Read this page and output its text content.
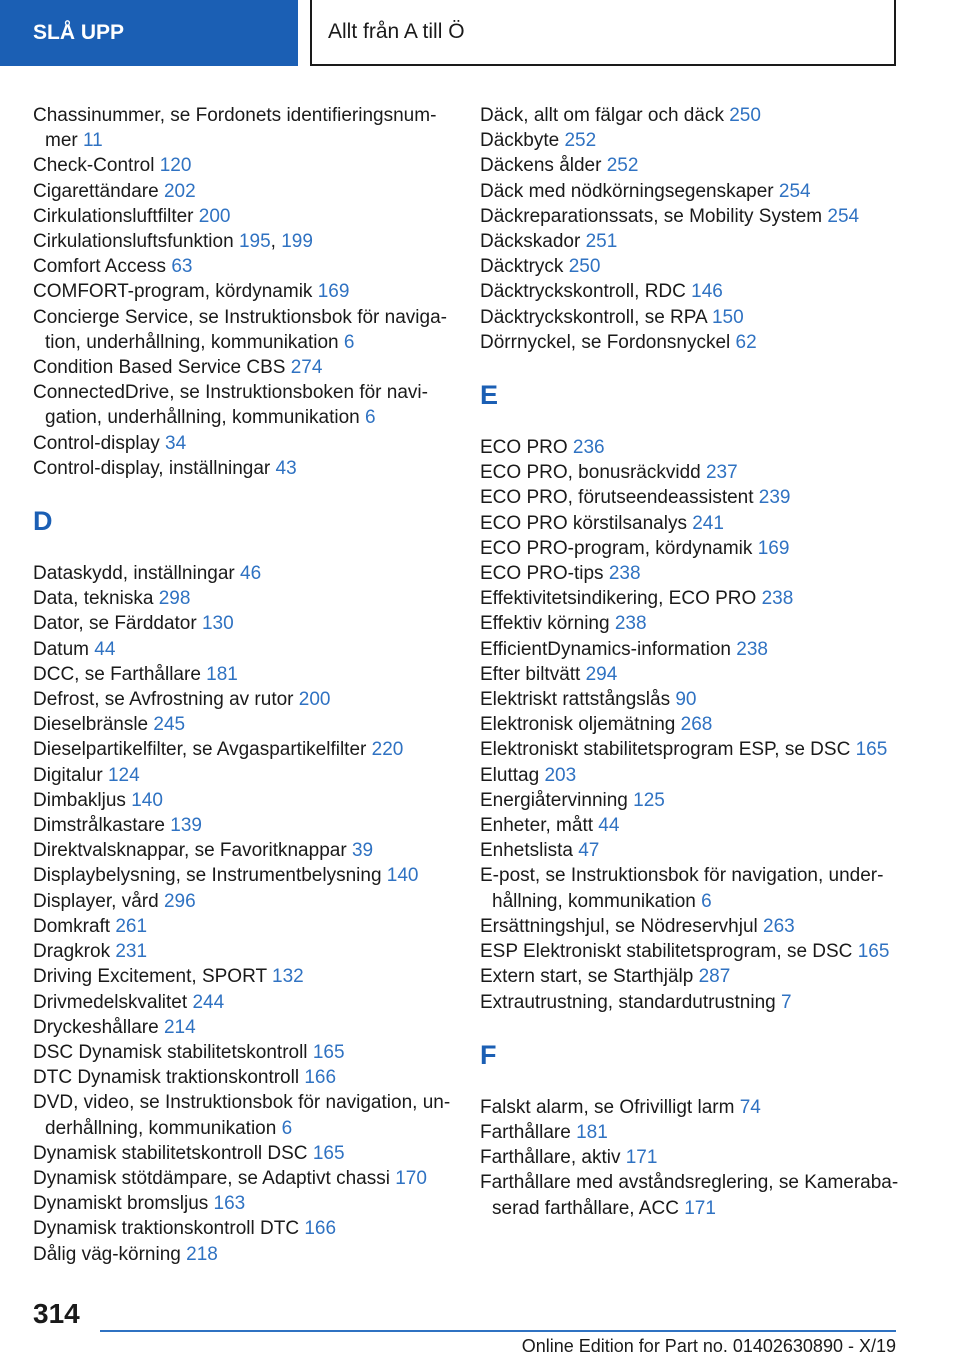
SLÅ UPP	Allt från A till Ö

Chassinummer, se Fordonets identifieringsnum‐mer 11

Check-Control 120

Cigarettändare 202

Cirkulationsluftfilter 200

Cirkulationsluftsfunktion 195, 199

Comfort Access 63

COMFORT-program, kördynamik 169

Concierge Service, se Instruktionsbok för naviga‐tion, underhållning, kommunikation 6

Condition Based Service CBS 274

ConnectedDrive, se Instruktionsboken för navi‐gation, underhållning, kommunikation 6

Control-display 34

Control-display, inställningar 43

D

Dataskydd, inställningar 46

Data, tekniska 298

Dator, se Färddator 130

Datum 44

DCC, se Farthållare 181

Defrost, se Avfrostning av rutor 200

Dieselbränsle 245

Dieselpartikelfilter, se Avgaspartikelfilter 220

Digitalur 124

Dimbakljus 140

Dimstrålkastare 139

Direktvalsknappar, se Favoritknappar 39

Displaybelysning, se Instrumentbelysning 140

Displayer, vård 296

Domkraft 261

Dragkrok 231

Driving Excitement, SPORT 132

Drivmedelskvalitet 244

Dryckeshållare 214

DSC Dynamisk stabilitetskontroll 165

DTC Dynamisk traktionskontroll 166

DVD, video, se Instruktionsbok för navigation, un‐derhållning, kommunikation 6

Dynamisk stabilitetskontroll DSC 165

Dynamisk stötdämpare, se Adaptivt chassi 170

Dynamiskt bromsljus 163

Dynamisk traktionskontroll DTC 166

Dålig väg-körning 218

Däck, allt om fälgar och däck 250

Däckbyte 252

Däckens ålder 252

Däck med nödkörningsegenskaper 254

Däckreparationssats, se Mobility System 254

Däckskador 251

Däcktryck 250

Däcktryckskontroll, RDC 146

Däcktryckskontroll, se RPA 150

Dörrnyckel, se Fordonsnyckel 62

E

ECO PRO 236

ECO PRO, bonusräckvidd 237

ECO PRO, förutseendeassistent 239

ECO PRO körstilsanalys 241

ECO PRO-program, kördynamik 169

ECO PRO-tips 238

Effektivitetsindikering, ECO PRO 238

Effektiv körning 238

EfficientDynamics-information 238

Efter biltvätt 294

Elektriskt rattstångslås 90

Elektronisk oljemätning 268

Elektroniskt stabilitetsprogram ESP, se DSC 165

Eluttag 203

Energiåtervinning 125

Enheter, mått 44

Enhetslista 47

E-post, se Instruktionsbok för navigation, under‐hållning, kommunikation 6

Ersättningshjul, se Nödreservhjul 263

ESP Elektroniskt stabilitetsprogram, se DSC 165

Extern start, se Starthjälp 287

Extrautrustning, standardutrustning 7

F

Falskt alarm, se Ofrivilligt larm 74

Farthållare 181

Farthållare, aktiv 171

Farthållare med avståndsreglering, se Kameraba‐serad farthållare, ACC 171

314
Online Edition for Part no. 01402630890 - X/19
